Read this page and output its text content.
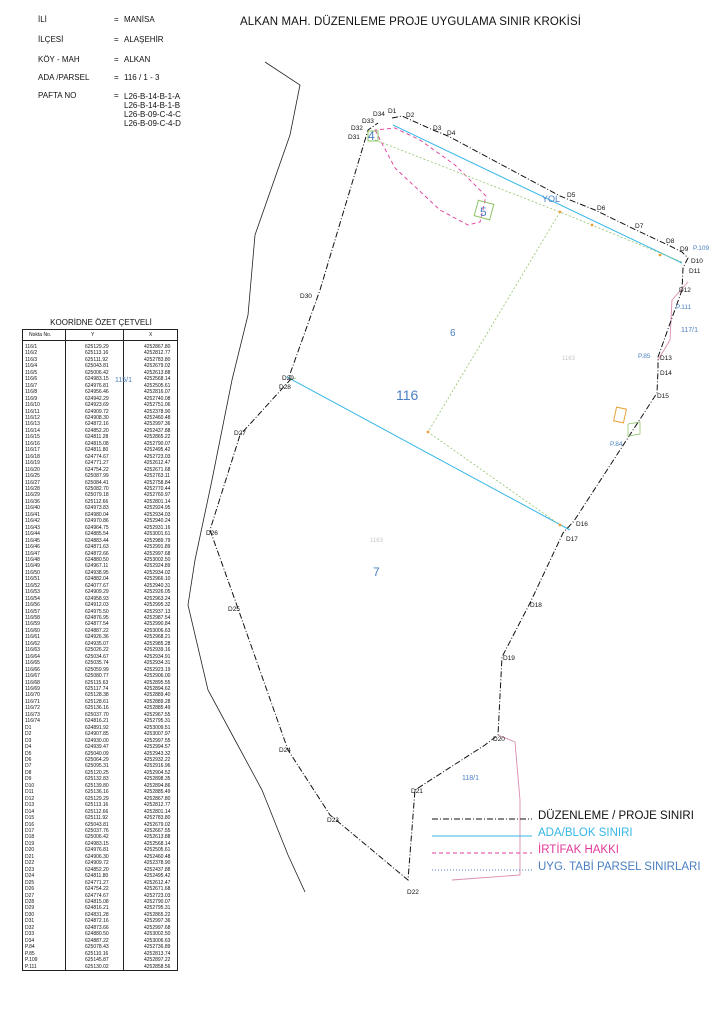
İLİ	= MANİSA
İLÇESİ	= ALAŞEHİR
KÖY - MAH	= ALKAN
ADA /PARSEL	= 116 / 1 - 3
PAFTA NO	= L26-B-14-B-1-A
L26-B-14-B-1-B
L26-B-09-C-4-C
L26-B-09-C-4-D
ALKAN MAH. DÜZENLEME PROJE UYGULAMA SINIR KROKİSİ
KOORİDNE ÖZET ÇETVELİ
Nokta No.	Y	X
116/1	625129.29	4252867.80
116/2	625113.16	4252812.77
116/3	625111.92	4252783.80
116/4	625043.81	4252679.02
116/5	625006.42	4252613.88
116/6	624983.15	4252568.14
116/7	624976.81	4252505.61
116/8	624956.46	4252816.07
116/9	624942.29	4252740.08
116/10	624923.69	4252751.06
116/11	624909.72	4252378.90
116/12	624908.30	4252460.48
116/13	624872.16	4252997.36
116/14	624852.20	4252437.88
116/15	624811.28	4252865.22
116/16	624815.08	4252790.07
116/17	624811.80	4252495.42
116/18	624774.67	4252723.03
116/19	624771.27	4252612.47
116/20	624754.22	4252671.68
116/25	625087.99	4252763.11
116/27	625084.41	4252758.84
116/28	625082.70	4252770.44
116/29	625079.18	4252760.97
116/36	625112.66	4252801.14
116/40	624973.83	4252924.95
116/41	624980.04	4252934.03
116/42	624970.86	4252940.24
116/43	624964.75	4252931.16
116/44	624885.54	4253001.61
116/45	624883.44	4252989.79
116/46	624871.63	4252991.89
116/47	624872.66	4252997.68
116/48	624880.50	4253002.50
116/49	624967.11	4252924.89
116/50	624938.95	4252934.02
116/51	624882.04	4252966.10
116/52	624077.67	4252940.31
116/53	624909.29	4252926.05
116/54	624958.93	4252963.24
116/56	624912.03	4252995.32
116/57	624975.50	4252937.13
116/58	624876.95	4252987.54
116/59	624877.54	4252990.84
116/60	624887.22	4253006.63
116/61	624926.36	4252968.21
116/62	624935.07	4252985.28
116/63	625026.22	4252939.16
116/64	625034.67	4252934.91
116/65	625035.74	4252934.31
116/66	625059.99	4252923.19
116/67	625080.77	4252906.00
116/68	625115.63	4252895.55
116/69	625117.74	4252894.62
116/70	625128.38	4252889.40
116/71	625128.61	4252889.28
116/72	625136.16	4252885.49
116/73	625037.70	4252967.55
116/74	624816.21	4252795.31
D1	624891.92	4253009.51
D2	624907.85	4253007.97
D3	624930.00	4252997.55
D4	624939.47	4252994.57
D5	625040.09	4252943.32
D6	625064.29	4252932.22
D7	625095.31	4252916.96
D8	625120.25	4252904.52
D9	625132.83	4252898.35
D10	625139.80	4252894.86
D11	625136.16	4252885.49
D12	625129.29	4252867.80
D13	625113.16	4252812.77
D14	625112.66	4252801.14
D15	625111.92	4252783.80
D16	625043.81	4252679.02
D17	625037.76	4252667.55
D18	625006.42	4252613.88
D19	624983.15	4252568.14
D20	624976.81	4252505.61
D21	624906.30	4252460.48
D22	624909.72	4252378.90
D23	624852.20	4252437.88
D24	624811.80	4252495.42
D25	624771.27	4252612.47
D26	624754.22	4252671.68
D27	624774.67	4252723.03
D28	624815.08	4252790.07
D29	624816.21	4252795.31
D30	624831.28	4252865.22
D31	624872.16	4252997.36
D32	624873.66	4252997.68
D33	624880.50	4253002.50
D34	624887.22	4253006.63
P.84	625078.43	4252736.89
P.85	625110.16	4252813.74
P.109	625145.87	4252897.22
P.111	625130.02	4252858.56
D1
D2
D3
D4
D5
D6
D7
D8
D9
D10
D11
D12
D13
D14
D15
D16
D17
D18
D19
D20
D21
D22
D23
D24
D25
D26
D27
D28
D29
D30
D31
D32
D33
D34
P.109
P.111
P.85
P.84
116
6
7
5
4
YOL
115/1
117/1
118/1
1163
1163
DÜZENLEME / PROJE SINIRI
ADA/BLOK SINIRI
İRTİFAK HAKKI
UYG. TABİ PARSEL SINIRLARI
